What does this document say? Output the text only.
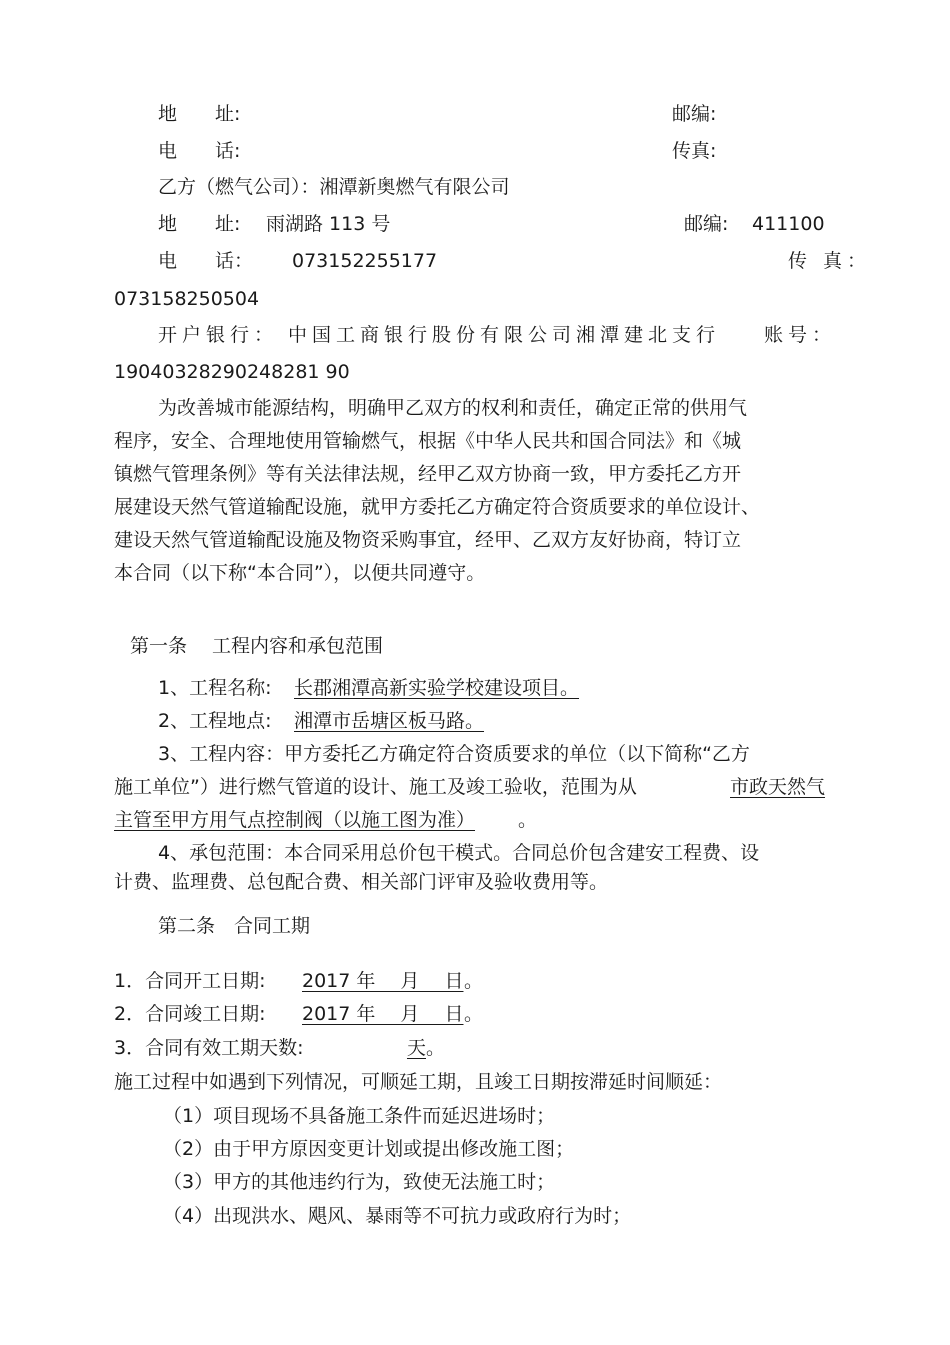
地　　址:	邮编:
电　　话:	传真:
乙方（燃气公司）：湘潭新奥燃气有限公司
地　　址: 雨湖路 113 号	邮编: 411100
电　　话： 073152255177	传 真：
073158250504
开户银行： 中国工商银行股份有限公司湘潭建北支行 账号：
19040328290248281 90
为改善城市能源结构，明确甲乙双方的权利和责任，确定正常的供用气
程序，安全、合理地使用管输燃气，根据《中华人民共和国合同法》和《城
镇燃气管理条例》等有关法律法规，经甲乙双方协商一致，甲方委托乙方开
展建设天然气管道输配设施，就甲方委托乙方确定符合资质要求的单位设计、
建设天然气管道输配设施及物资采购事宜，经甲、乙双方友好协商，特订立
本合同（以下称“本合同”），以便共同遵守。
第一条　 工程内容和承包范围
1、工程名称: 长郡湘潭高新实验学校建设项目。
2、工程地点: 湘潭市岳塘区板马路。
3、工程内容：甲方委托乙方确定符合资质要求的单位（以下简称“乙方
施工单位”）进行燃气管道的设计、施工及竣工验收，范围为从	市政天然气
主管至甲方用气点控制阀（以施工图为准） 。
4、承包范围：本合同采用总价包干模式。合同总价包含建安工程费、设
计费、监理费、总包配合费、相关部门评审及验收费用等。
第二条　合同工期
1．合同开工日期: 2017 年　 月　 日 。
2．合同竣工日期: 2017 年　 月　 日 。
3．合同有效工期天数:	天 。
施工过程中如遇到下列情况，可顺延工期，且竣工日期按滞延时间顺延：
（1）项目现场不具备施工条件而延迟进场时；
（2）由于甲方原因变更计划或提出修改施工图；
（3）甲方的其他违约行为，致使无法施工时；
（4）出现洪水、飓风、暴雨等不可抗力或政府行为时；
